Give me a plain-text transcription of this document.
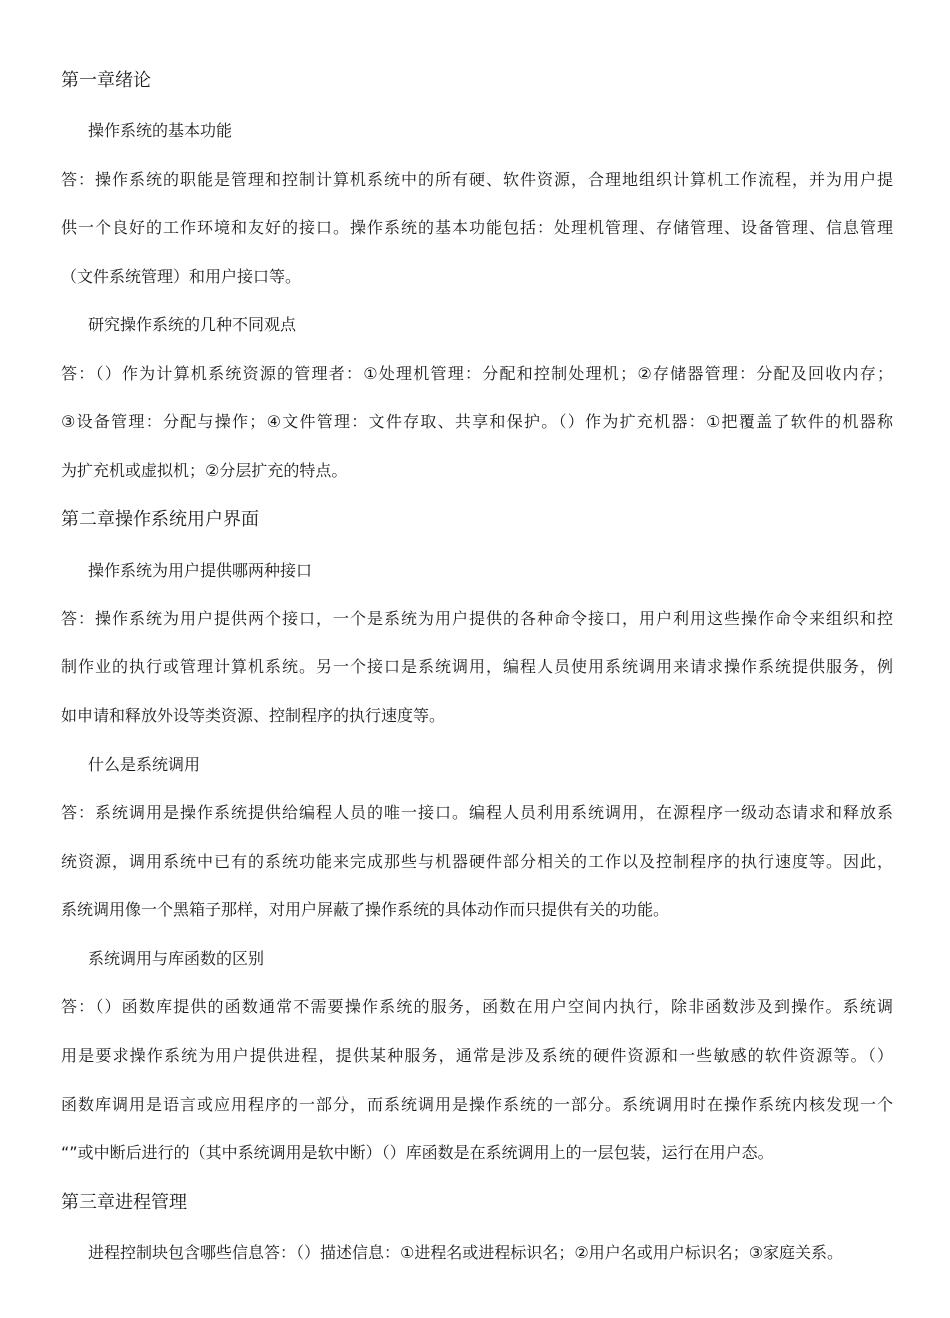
第一章绪论
操作系统的基本功能
答：操作系统的职能是管理和控制计算机系统中的所有硬、软件资源，合理地组织计算机工作流程，并为用户提
供一个良好的工作环境和友好的接口。操作系统的基本功能包括：处理机管理、存储管理、设备管理、信息管理
（文件系统管理）和用户接口等。
研究操作系统的几种不同观点
答：（）作为计算机系统资源的管理者：①处理机管理：分配和控制处理机；②存储器管理：分配及回收内存；
③设备管理：分配与操作；④文件管理：文件存取、共享和保护。（）作为扩充机器：①把覆盖了软件的机器称
为扩充机或虚拟机；②分层扩充的特点。
第二章操作系统用户界面
操作系统为用户提供哪两种接口
答：操作系统为用户提供两个接口，一个是系统为用户提供的各种命令接口，用户利用这些操作命令来组织和控
制作业的执行或管理计算机系统。另一个接口是系统调用，编程人员使用系统调用来请求操作系统提供服务，例
如申请和释放外设等类资源、控制程序的执行速度等。
什么是系统调用
答：系统调用是操作系统提供给编程人员的唯一接口。编程人员利用系统调用，在源程序一级动态请求和释放系
统资源，调用系统中已有的系统功能来完成那些与机器硬件部分相关的工作以及控制程序的执行速度等。因此，
系统调用像一个黑箱子那样，对用户屏蔽了操作系统的具体动作而只提供有关的功能。
系统调用与库函数的区别
答：（）函数库提供的函数通常不需要操作系统的服务，函数在用户空间内执行，除非函数涉及到操作。系统调
用是要求操作系统为用户提供进程，提供某种服务，通常是涉及系统的硬件资源和一些敏感的软件资源等。（）
函数库调用是语言或应用程序的一部分，而系统调用是操作系统的一部分。系统调用时在操作系统内核发现一个
“”或中断后进行的（其中系统调用是软中断）（）库函数是在系统调用上的一层包装，运行在用户态。
第三章进程管理
进程控制块包含哪些信息答：（）描述信息：①进程名或进程标识名；②用户名或用户标识名；③家庭关系。
